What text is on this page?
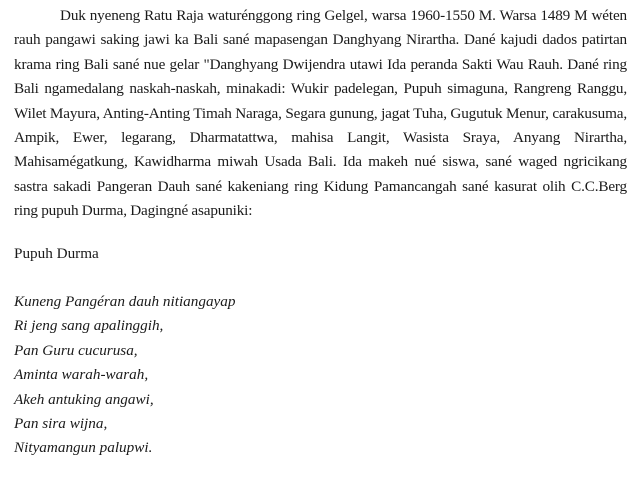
Duk nyeneng Ratu Raja waturénggong ring Gelgel, warsa 1960-1550 M. Warsa 1489 M wéten rauh pangawi saking jawi ka Bali sané mapasengan Danghyang Nirartha. Dané kajudi dados patirtan krama ring Bali sané nue gelar "Danghyang Dwijendra utawi Ida peranda Sakti Wau Rauh. Dané ring Bali ngamedalang naskah-naskah, minakadi: Wukir padelegan, Pupuh simaguna, Rangreng Ranggu, Wilet Mayura, Anting-Anting Timah Naraga, Segara gunung, jagat Tuha, Gugutuk Menur, carakusuma, Ampik, Ewer, legarang, Dharmatattwa, mahisa Langit, Wasista Sraya, Anyang Nirartha, Mahisamégatkung, Kawidharma miwah Usada Bali. Ida makeh nué siswa, sané waged ngricikang sastra sakadi Pangeran Dauh sané kakeniang ring Kidung Pamancangah sané kasurat olih C.C.Berg ring pupuh Durma, Dagingné asapuniki:

Pupuh Durma

Kuneng Pangéran dauh nitiangayap
Ri jeng sang apalinggih,
Pan Guru cucurusa,
Aminta warah-warah,
Akeh antuking angawi,
Pan sira wijna,
Nityamangun palupwi.
